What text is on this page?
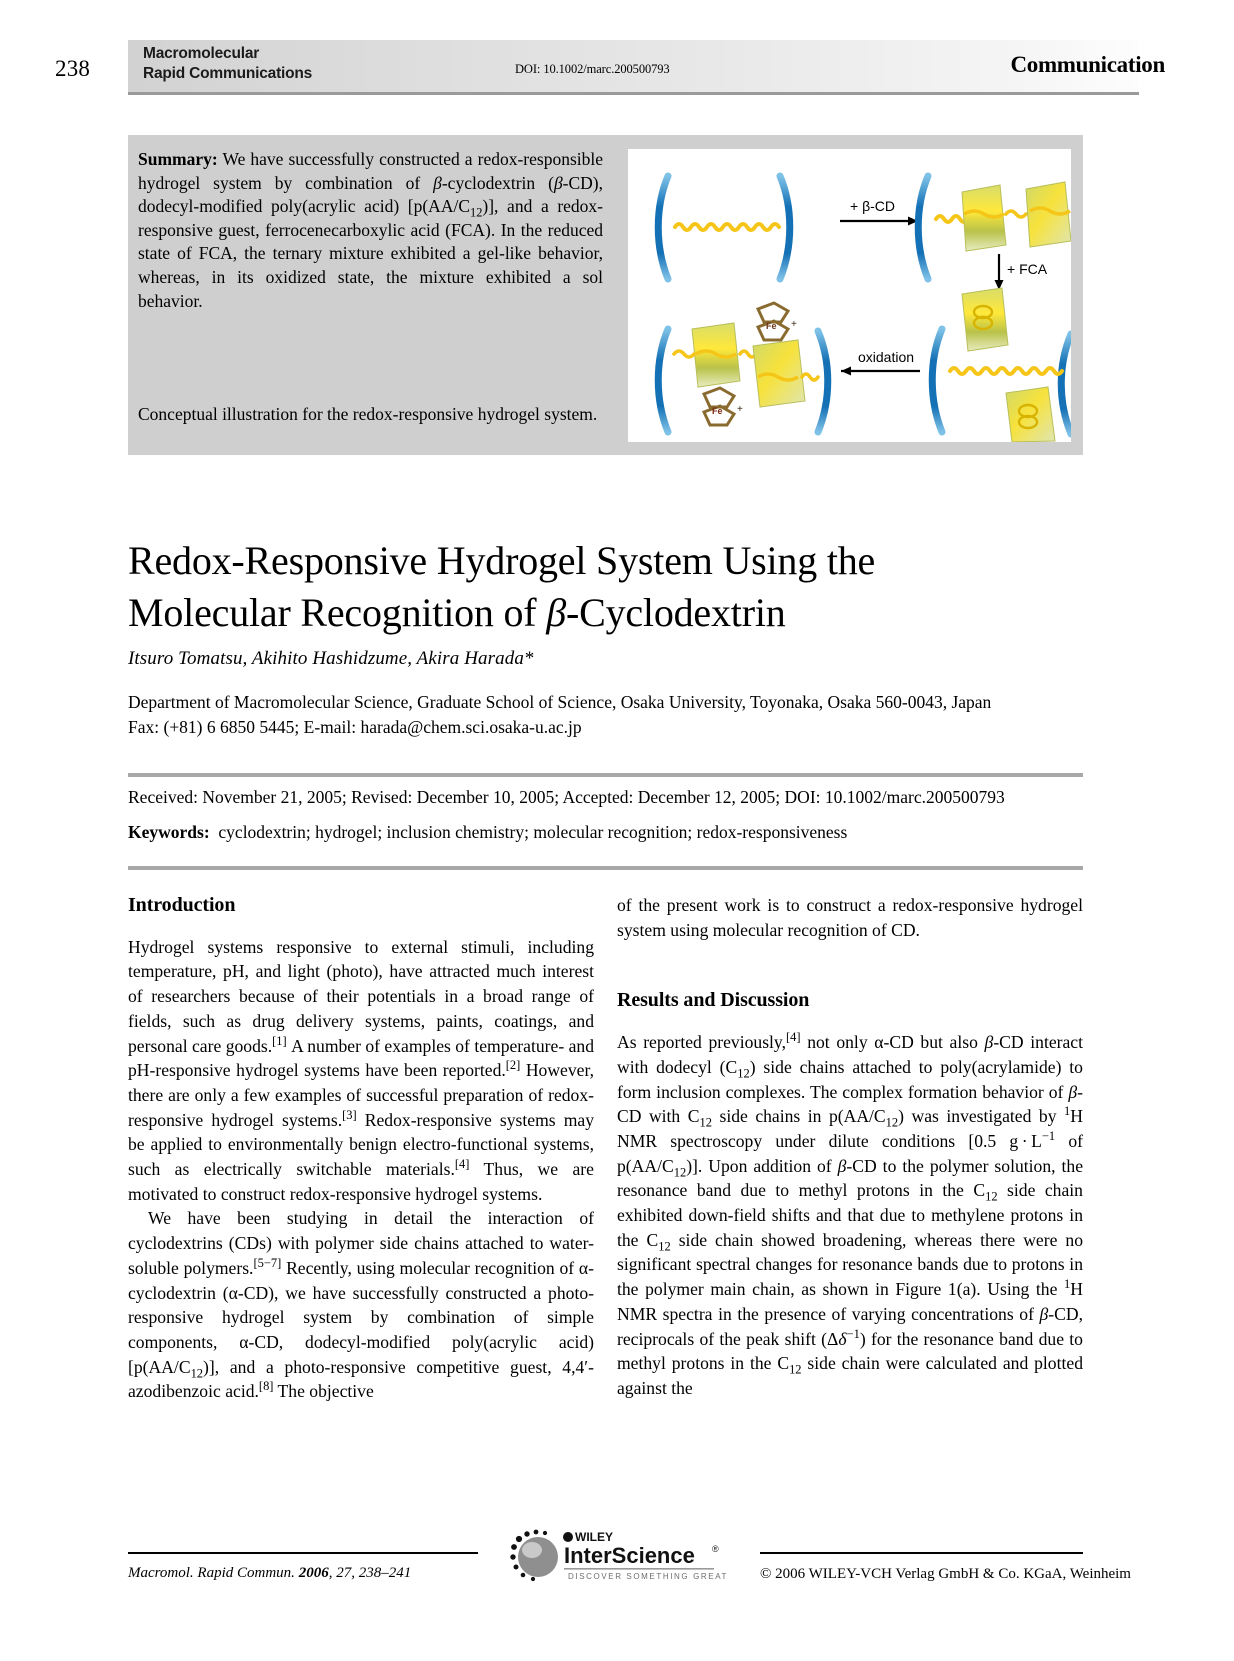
238
Macromolecular
Rapid Communications	DOI: 10.1002/marc.200500793	Communication
Summary: We have successfully constructed a redox-responsible hydrogel system by combination of β-cyclodextrin (β-CD), dodecyl-modified poly(acrylic acid) $[p(AA/C_{12})]$, and a redox-responsive guest, ferrocenecarboxylic acid (FCA). In the reduced state of FCA, the ternary mixture exhibited a gel-like behavior, whereas, in its oxidized state, the mixture exhibited a sol behavior.
Conceptual illustration for the redox-responsive hydrogel system.
+ β-CD
+ FCA
oxidation
Fe +
Fe +
Redox-Responsive Hydrogel System Using the
Molecular Recognition of β-Cyclodextrin
Itsuro Tomatsu, Akihito Hashidzume, Akira Harada*
Department of Macromolecular Science, Graduate School of Science, Osaka University, Toyonaka, Osaka 560-0043, Japan
Fax: (+81) 6 6850 5445; E-mail: harada@chem.sci.osaka-u.ac.jp
Received: November 21, 2005; Revised: December 10, 2005; Accepted: December 12, 2005; DOI: 10.1002/marc.200500793
Keywords: cyclodextrin; hydrogel; inclusion chemistry; molecular recognition; redox-responsiveness
Introduction

Hydrogel systems responsive to external stimuli, including temperature, pH, and light (photo), have attracted much interest of researchers because of their potentials in a broad range of fields, such as drug delivery systems, paints, coatings, and personal care goods.[1] A number of examples of temperature- and pH-responsive hydrogel systems have been reported.[2] However, there are only a few examples of successful preparation of redox-responsive hydrogel systems.[3] Redox-responsive systems may be applied to environmentally benign electro-functional systems, such as electrically switchable materials.[4] Thus, we are motivated to construct redox-responsive hydrogel systems.

We have been studying in detail the interaction of cyclodextrins (CDs) with polymer side chains attached to water-soluble polymers.[5−7] Recently, using molecular recognition of α-cyclodextrin (α-CD), we have successfully constructed a photo-responsive hydrogel system by combination of simple components, α-CD, dodecyl-modified poly(acrylic acid) $[p(AA/C_{12})]$, and a photo-responsive competitive guest, 4,4′-azodibenzoic acid.[8] The objective

of the present work is to construct a redox-responsive hydrogel system using molecular recognition of CD.

Results and Discussion

As reported previously,[4] not only α-CD but also β-CD interact with dodecyl $(C_{12})$ side chains attached to poly(acrylamide) to form inclusion complexes. The complex formation behavior of β-CD with $C_{12}$ side chains in $p(AA/C_{12})$ was investigated by $^1$H NMR spectroscopy under dilute conditions [0.5 $g \cdot L^{-1}$ of $p(AA/C_{12})$]. Upon addition of β-CD to the polymer solution, the resonance band due to methyl protons in the $C_{12}$ side chain exhibited down-field shifts and that due to methylene protons in the $C_{12}$ side chain showed broadening, whereas there were no significant spectral changes for resonance bands due to protons in the polymer main chain, as shown in Figure 1(a). Using the $^1$H NMR spectra in the presence of varying concentrations of β-CD, reciprocals of the peak shift $(\Delta\delta^{-1})$ for the resonance band due to methyl protons in the $C_{12}$ side chain were calculated and plotted against the

Macromol. Rapid Commun. 2006, 27, 238–241
WILEY
InterScience ®
DISCOVER SOMETHING GREAT © 2006 WILEY-VCH Verlag GmbH & Co. KGaA, Weinheim
